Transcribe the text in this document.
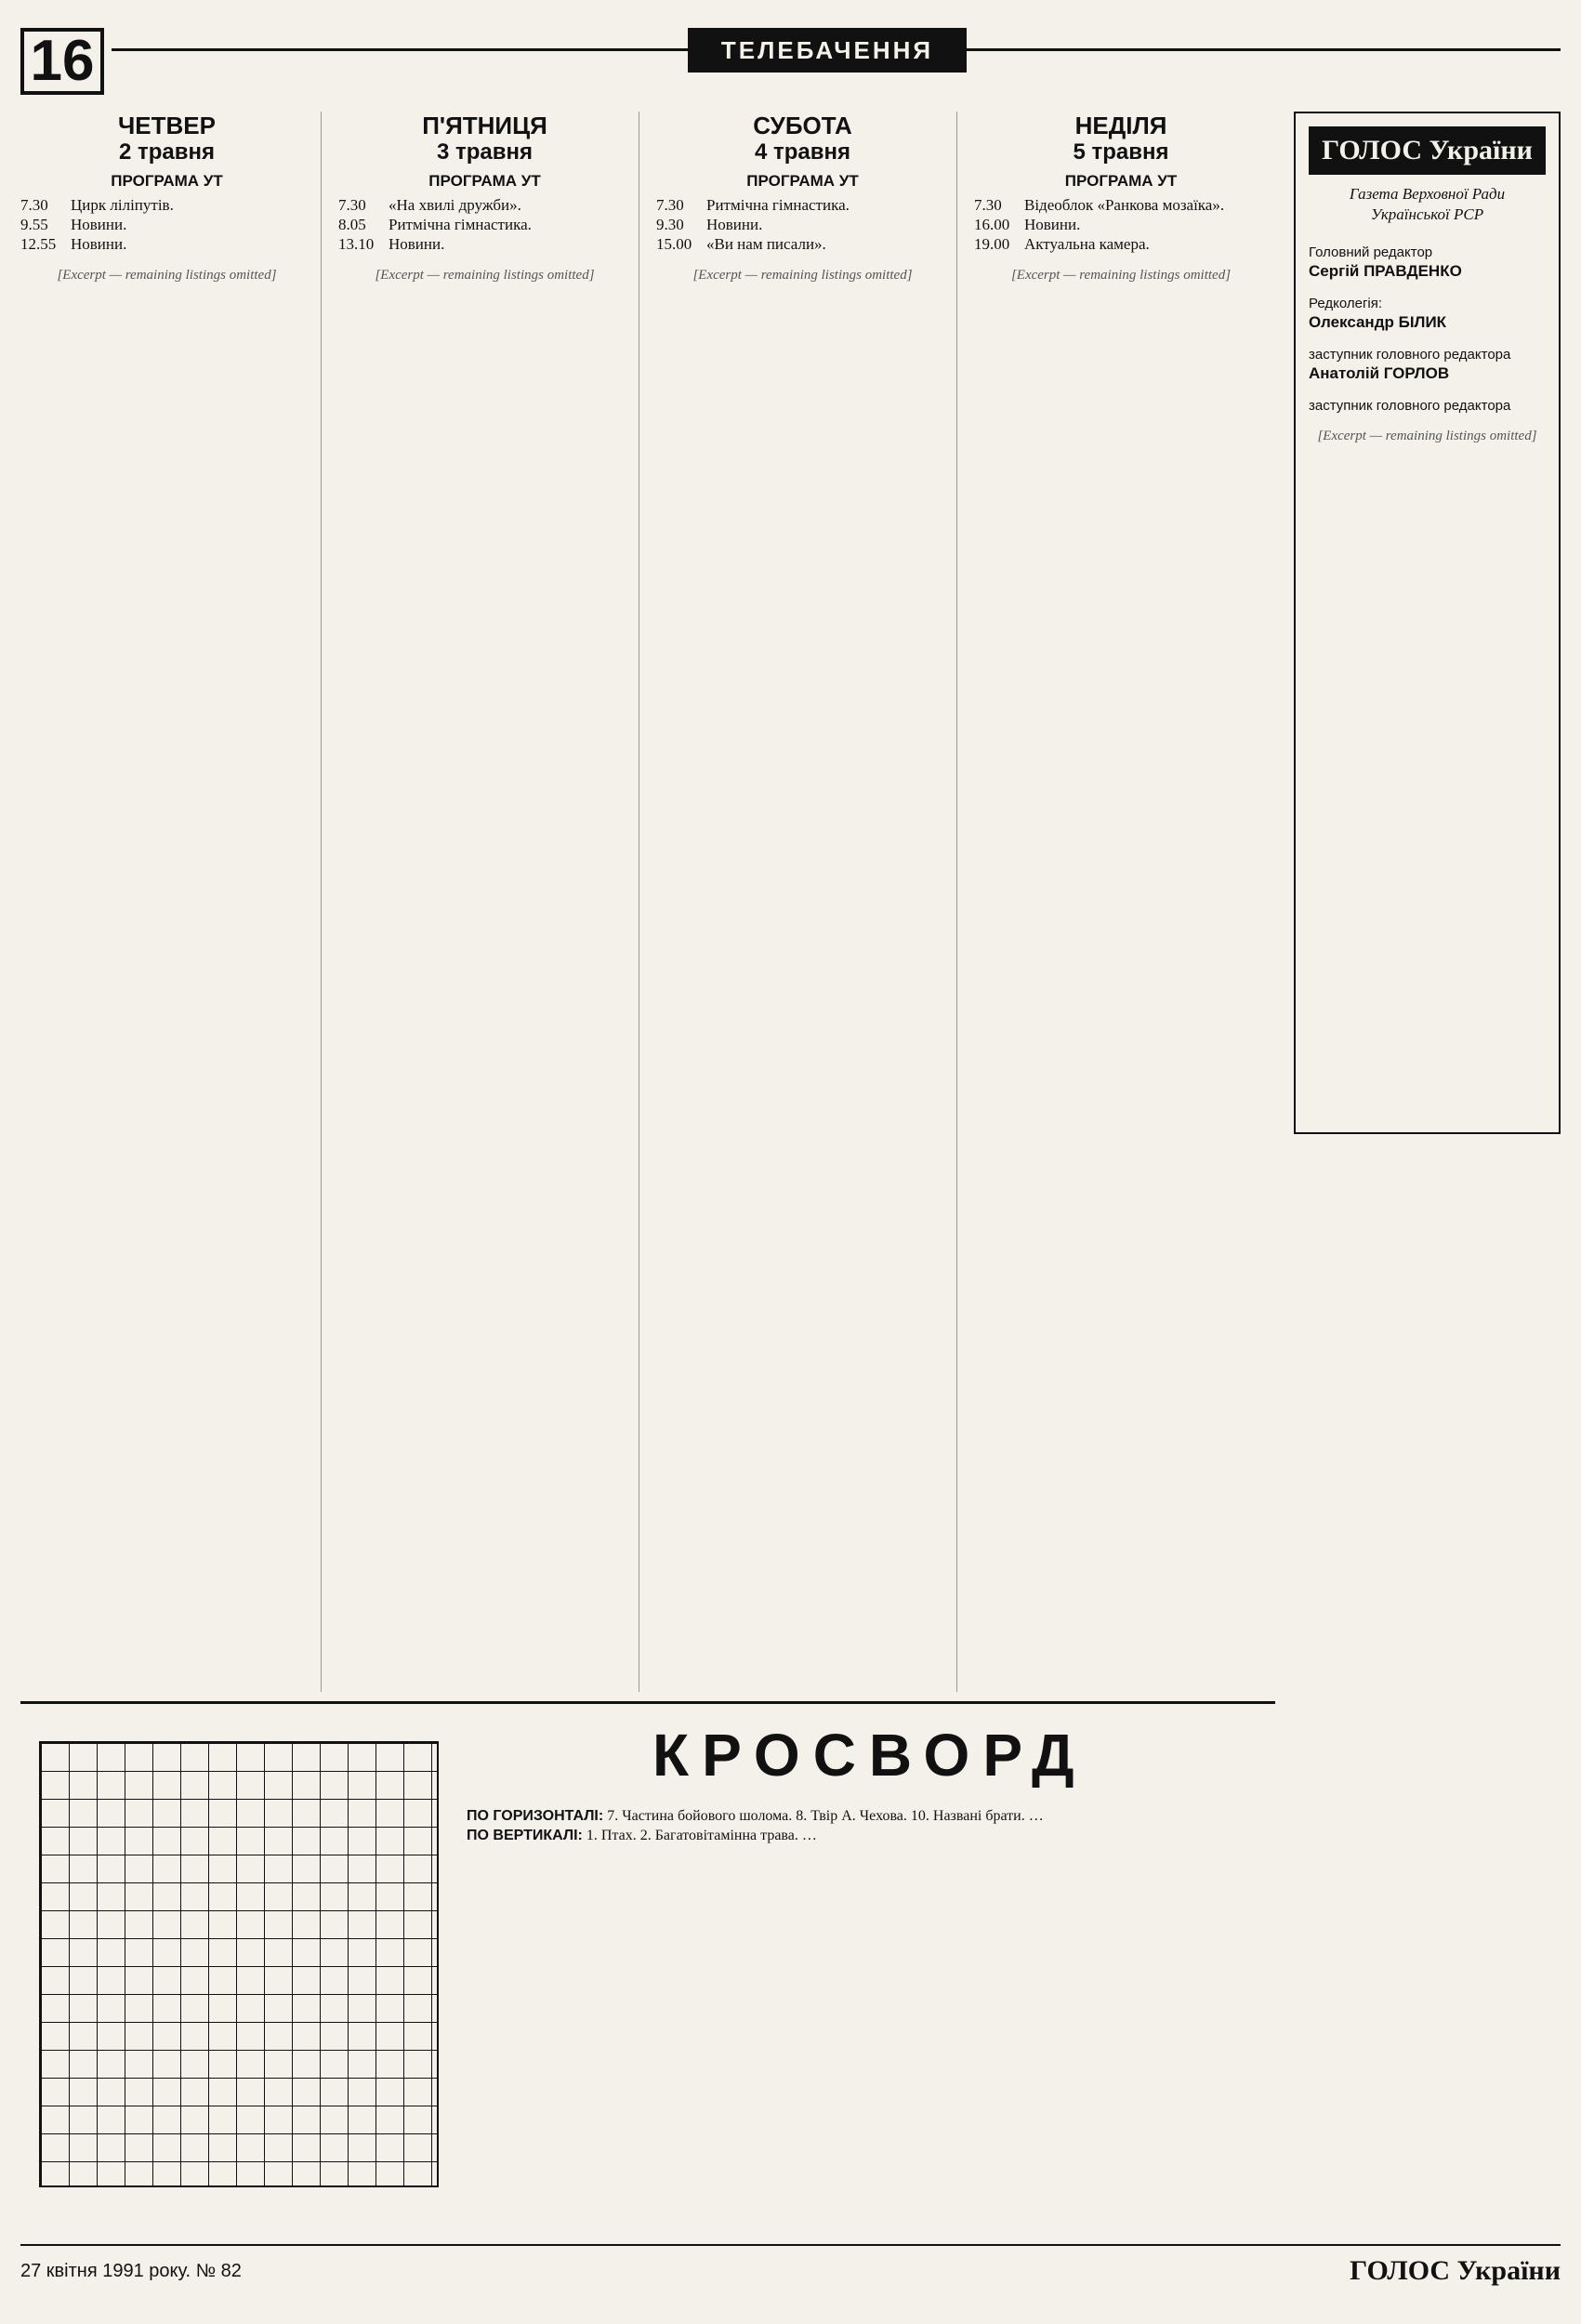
16	ТЕЛЕБАЧЕННЯ
ЧЕТВЕР
2 травня
ПРОГРАМА УТ
7.30	Цирк ліліпутів.
9.55	Новини.
12.55 Новини.
[Excerpt — remaining listings omitted]
П'ЯТНИЦЯ
3 травня
ПРОГРАМА УТ
7.30	«На хвилі дружби».
8.05	Ритмічна гімнастика.
13.10 Новини.
[Excerpt — remaining listings omitted]
СУБОТА
4 травня
ПРОГРАМА УТ
7.30	Ритмічна гімнастика.
9.30	Новини.
15.00 «Ви нам писали».
[Excerpt — remaining listings omitted]
НЕДІЛЯ
5 травня
ПРОГРАМА УТ
7.30	Відеоблок «Ранкова мозаїка».
16.00 Новини.
19.00 Актуальна камера.
[Excerpt — remaining listings omitted]
ГОЛОС України
Газета Верховної Ради Української РСР
Головний редактор
Сергій ПРАВДЕНКО
Редколегія:
Олександр БІЛИК
заступник головного редактора
Анатолій ГОРЛОВ
заступник головного редактора
[Excerpt — remaining listings omitted]
КРОСВОРД

ПО ГОРИЗОНТАЛІ: 7. Частина бойового шолома. 8. Твір А. Чехова. 10. Названі брати. …

ПО ВЕРТИКАЛІ: 1. Птах. 2. Багатовітамінна трава. …

27 квітня 1991 року. № 82	ГОЛОС України
